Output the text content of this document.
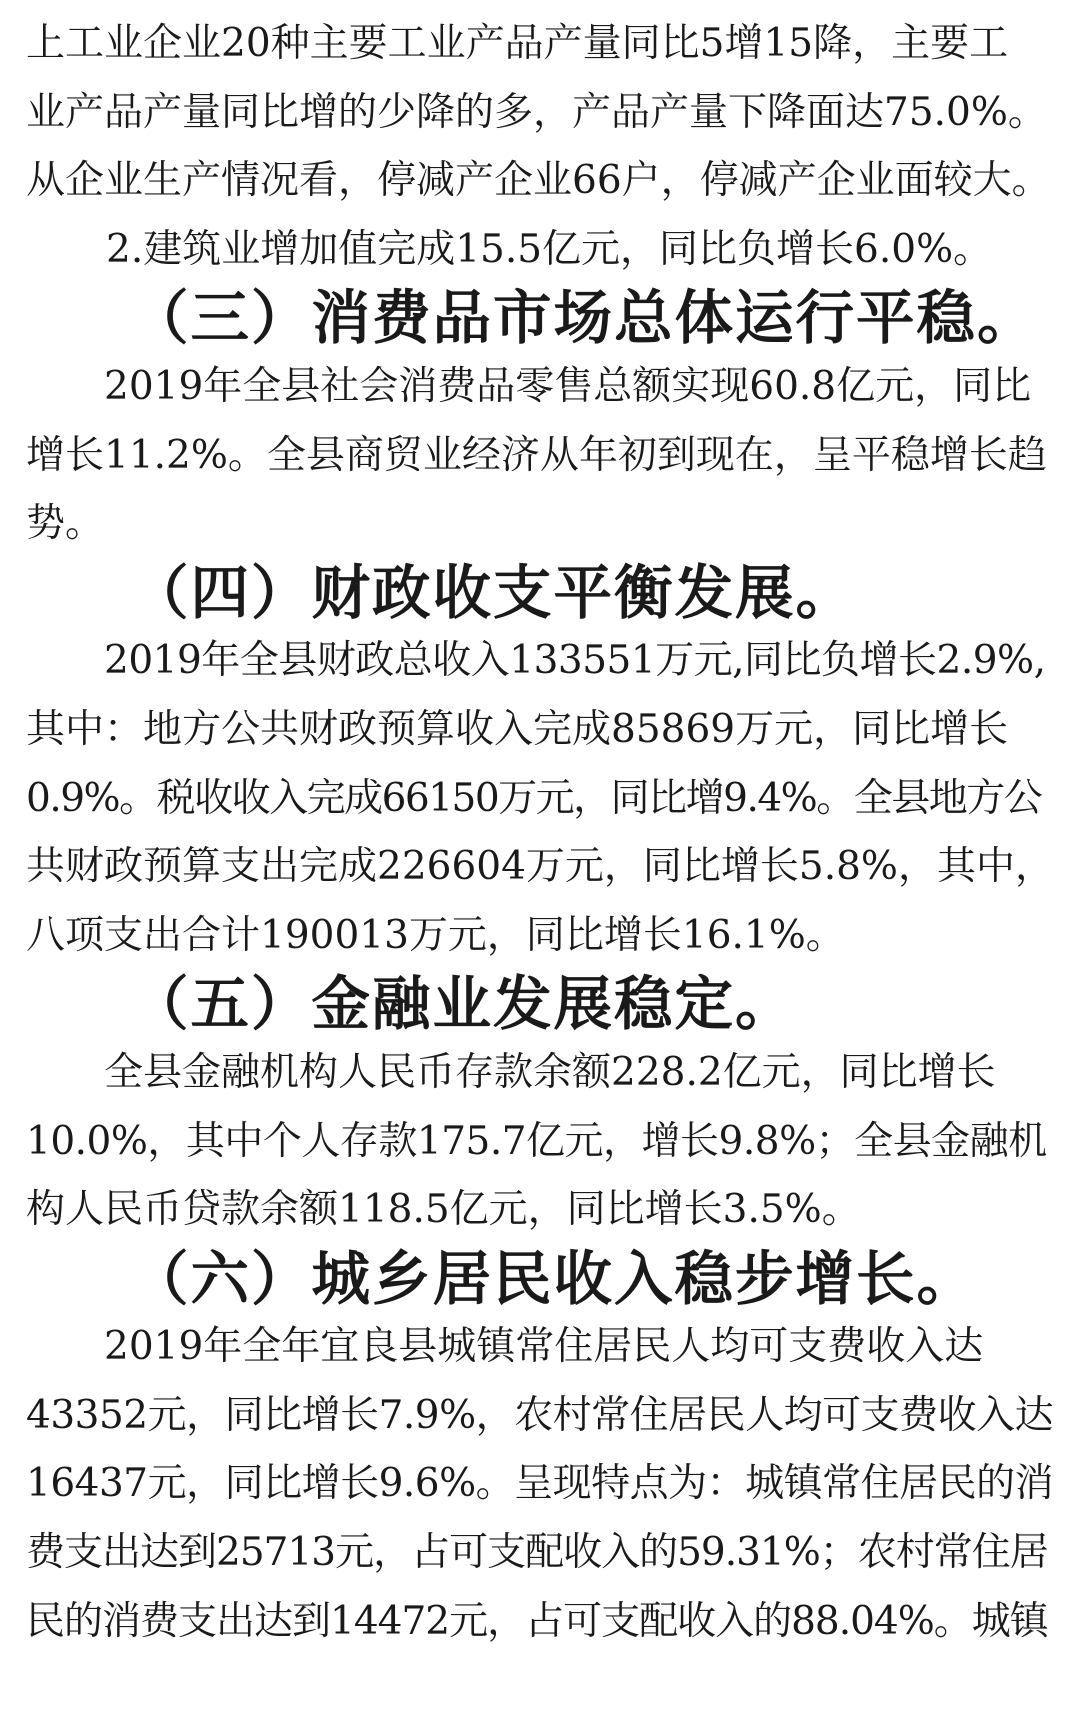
上工业企业20种主要工业产品产量同比5增15降，主要工
业产品产量同比增的少降的多，产品产量下降面达75.0%。
从企业生产情况看，停减产企业66户，停减产企业面较大。

2.建筑业增加值完成15.5亿元，同比负增长6.0%。

（三）消费品市场总体运行平稳。

2019年全县社会消费品零售总额实现60.8亿元，同比
增长11.2%。全县商贸业经济从年初到现在，呈平稳增长趋
势。

（四）财政收支平衡发展。

2019年全县财政总收入133551万元,同比负增长2.9%,
其中：地方公共财政预算收入完成85869万元，同比增长
0.9%。税收收入完成66150万元，同比增9.4%。全县地方公
共财政预算支出完成226604万元，同比增长5.8%，其中，
八项支出合计190013万元，同比增长16.1%。

（五）金融业发展稳定。

全县金融机构人民币存款余额228.2亿元，同比增长
10.0%，其中个人存款175.7亿元，增长9.8%；全县金融机
构人民币贷款余额118.5亿元，同比增长3.5%。

（六）城乡居民收入稳步增长。

2019年全年宜良县城镇常住居民人均可支费收入达
43352元，同比增长7.9%，农村常住居民人均可支费收入达
16437元，同比增长9.6%。呈现特点为：城镇常住居民的消
费支出达到25713元，占可支配收入的59.31%；农村常住居
民的消费支出达到14472元，占可支配收入的88.04%。城镇
